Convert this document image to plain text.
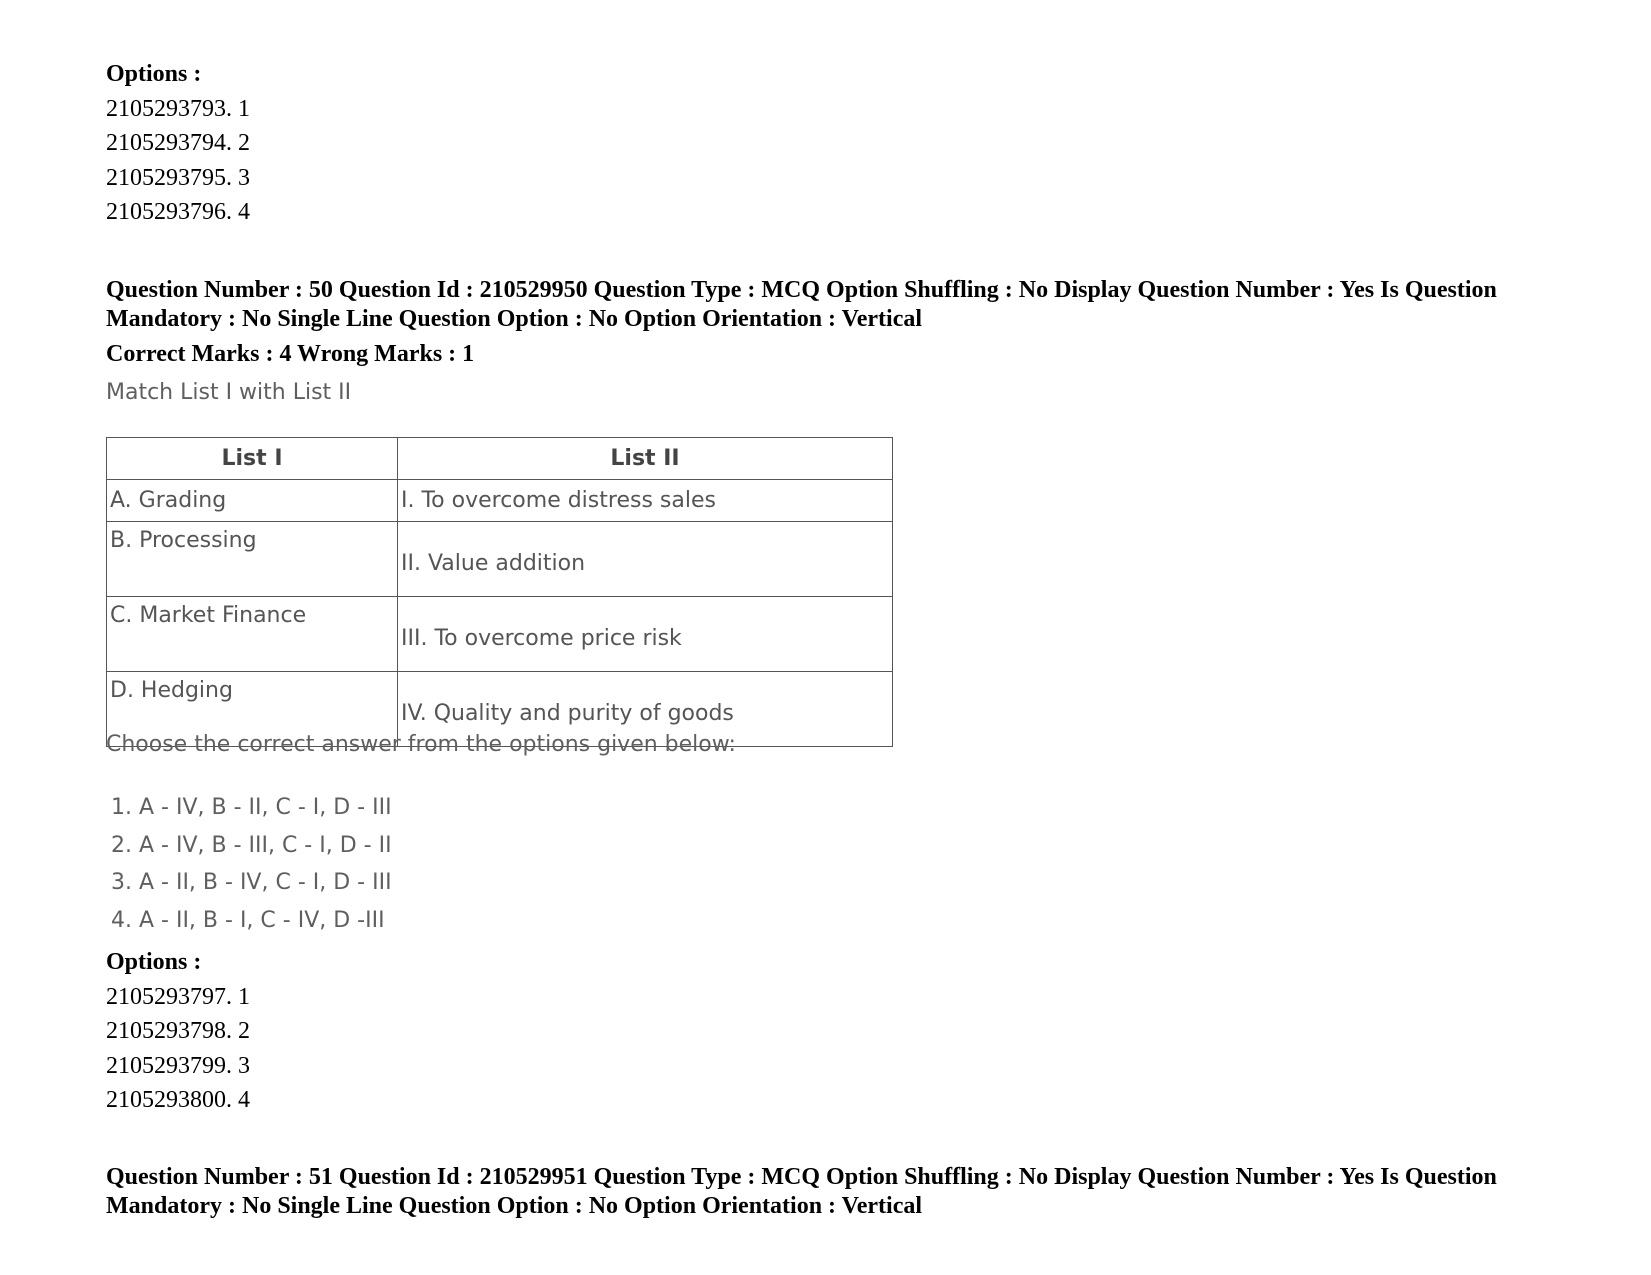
Options :
2105293793. 1
2105293794. 2
2105293795. 3
2105293796. 4
Question Number : 50 Question Id : 210529950 Question Type : MCQ Option Shuffling : No Display Question Number : Yes Is Question
Mandatory : No Single Line Question Option : No Option Orientation : Vertical
Correct Marks : 4 Wrong Marks : 1
Match List I with List II
List I	List II
A. Grading	I. To overcome distress sales
B. Processing	II. Value addition
C. Market Finance	III. To overcome price risk
D. Hedging	IV. Quality and purity of goods
Choose the correct answer from the options given below:
1. A - IV, B - II, C - I, D - III
2. A - IV, B - III, C - I, D - II
3. A - II, B - IV, C - I, D - III
4. A - II, B - I, C - IV, D -III
Options :
2105293797. 1
2105293798. 2
2105293799. 3
2105293800. 4
Question Number : 51 Question Id : 210529951 Question Type : MCQ Option Shuffling : No Display Question Number : Yes Is Question
Mandatory : No Single Line Question Option : No Option Orientation : Vertical
